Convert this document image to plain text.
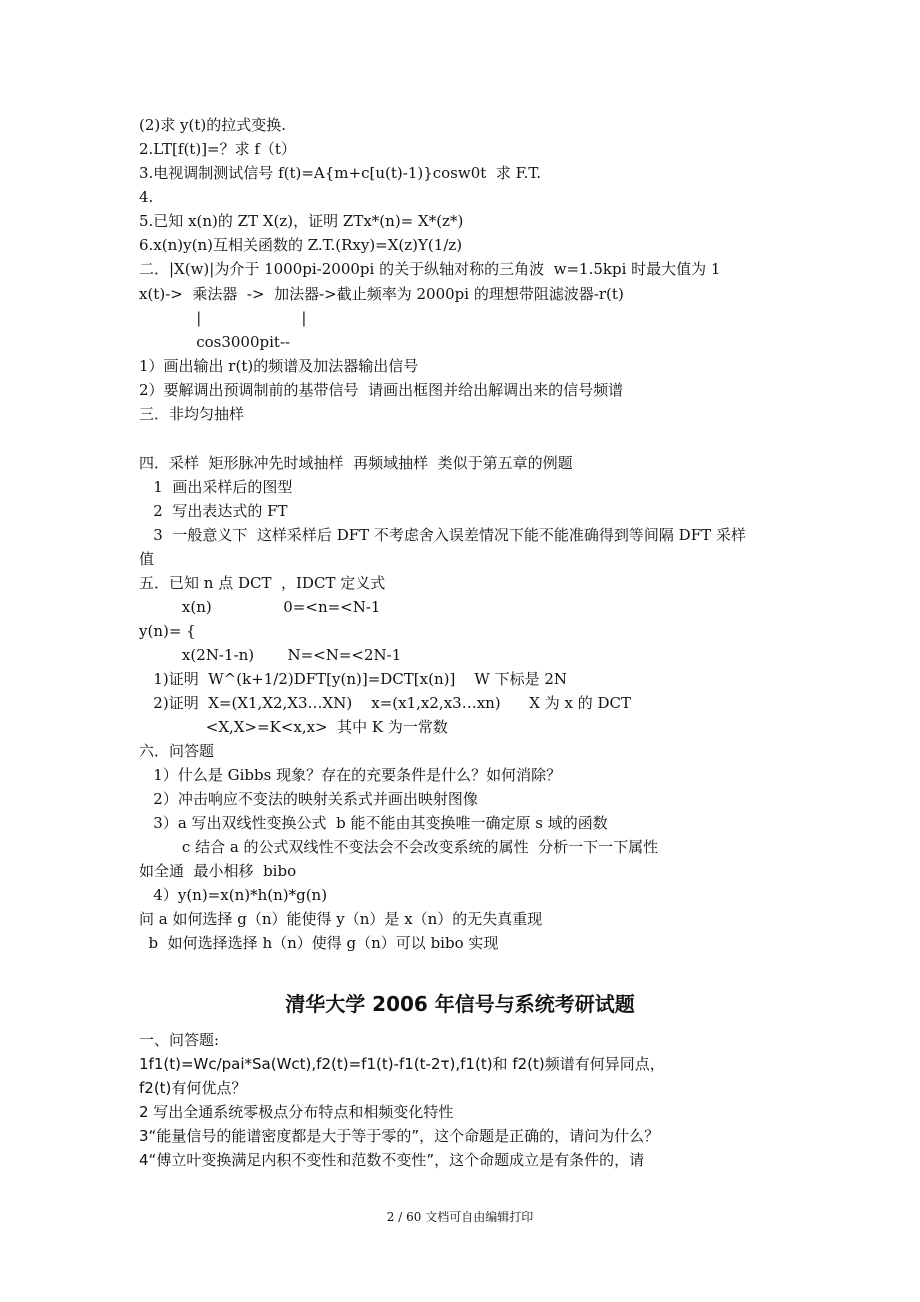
(2)求 y(t)的拉式变换.
2.LT[f(t)]=？求 f（t）
3.电视调制测试信号 f(t)=A{m+c[u(t)-1)}cosw0t  求 F.T.
4.
5.已知 x(n)的 ZT X(z)，证明 ZTx*(n)= X*(z*)
6.x(n)y(n)互相关函数的 Z.T.(Rxy)=X(z)Y(1/z)
二．|X(w)|为介于 1000pi-2000pi 的关于纵轴对称的三角波  w=1.5kpi 时最大值为 1
x(t)->  乘法器  ->  加法器->截止频率为 2000pi 的理想带阻滤波器-r(t)
|                     |
cos3000pit--
1）画出输出 r(t)的频谱及加法器输出信号
2）要解调出预调制前的基带信号  请画出框图并给出解调出来的信号频谱
三．非均匀抽样
四．采样  矩形脉冲先时域抽样  再频域抽样  类似于第五章的例题
1  画出采样后的图型
2  写出表达式的 FT
3  一般意义下  这样采样后 DFT 不考虑舍入误差情况下能不能准确得到等间隔 DFT 采样
值
五．已知 n 点 DCT  ，IDCT 定义式
x(n)               0=<n=<N-1
y(n)= {
x(2N-1-n)       N=<N=<2N-1
1)证明  W^(k+1/2)DFT[y(n)]=DCT[x(n)]    W 下标是 2N
2)证明  X=(X1,X2,X3…XN)    x=(x1,x2,x3…xn)      X 为 x 的 DCT
<X,X>=K<x,x>  其中 K 为一常数
六．问答题
1）什么是 Gibbs 现象？存在的充要条件是什么？如何消除？
2）冲击响应不变法的映射关系式并画出映射图像
3）a 写出双线性变换公式  b 能不能由其变换唯一确定原 s 域的函数
c 结合 a 的公式双线性不变法会不会改变系统的属性  分析一下一下属性
如全通  最小相移  bibo
4）y(n)=x(n)*h(n)*g(n)
问 a 如何选择 g（n）能使得 y（n）是 x（n）的无失真重现
b  如何选择选择 h（n）使得 g（n）可以 bibo 实现
清华大学 2006 年信号与系统考研试题
一、问答题:
1f1(t)=Wc/pai*Sa(Wct),f2(t)=f1(t)-f1(t-2τ),f1(t)和 f2(t)频谱有何异同点，
f2(t)有何优点？
2 写出全通系统零极点分布特点和相频变化特性
3“能量信号的能谱密度都是大于等于零的”，这个命题是正确的，请问为什么？
4“傅立叶变换满足内积不变性和范数不变性”，这个命题成立是有条件的，请
2 / 60 文档可自由编辑打印
